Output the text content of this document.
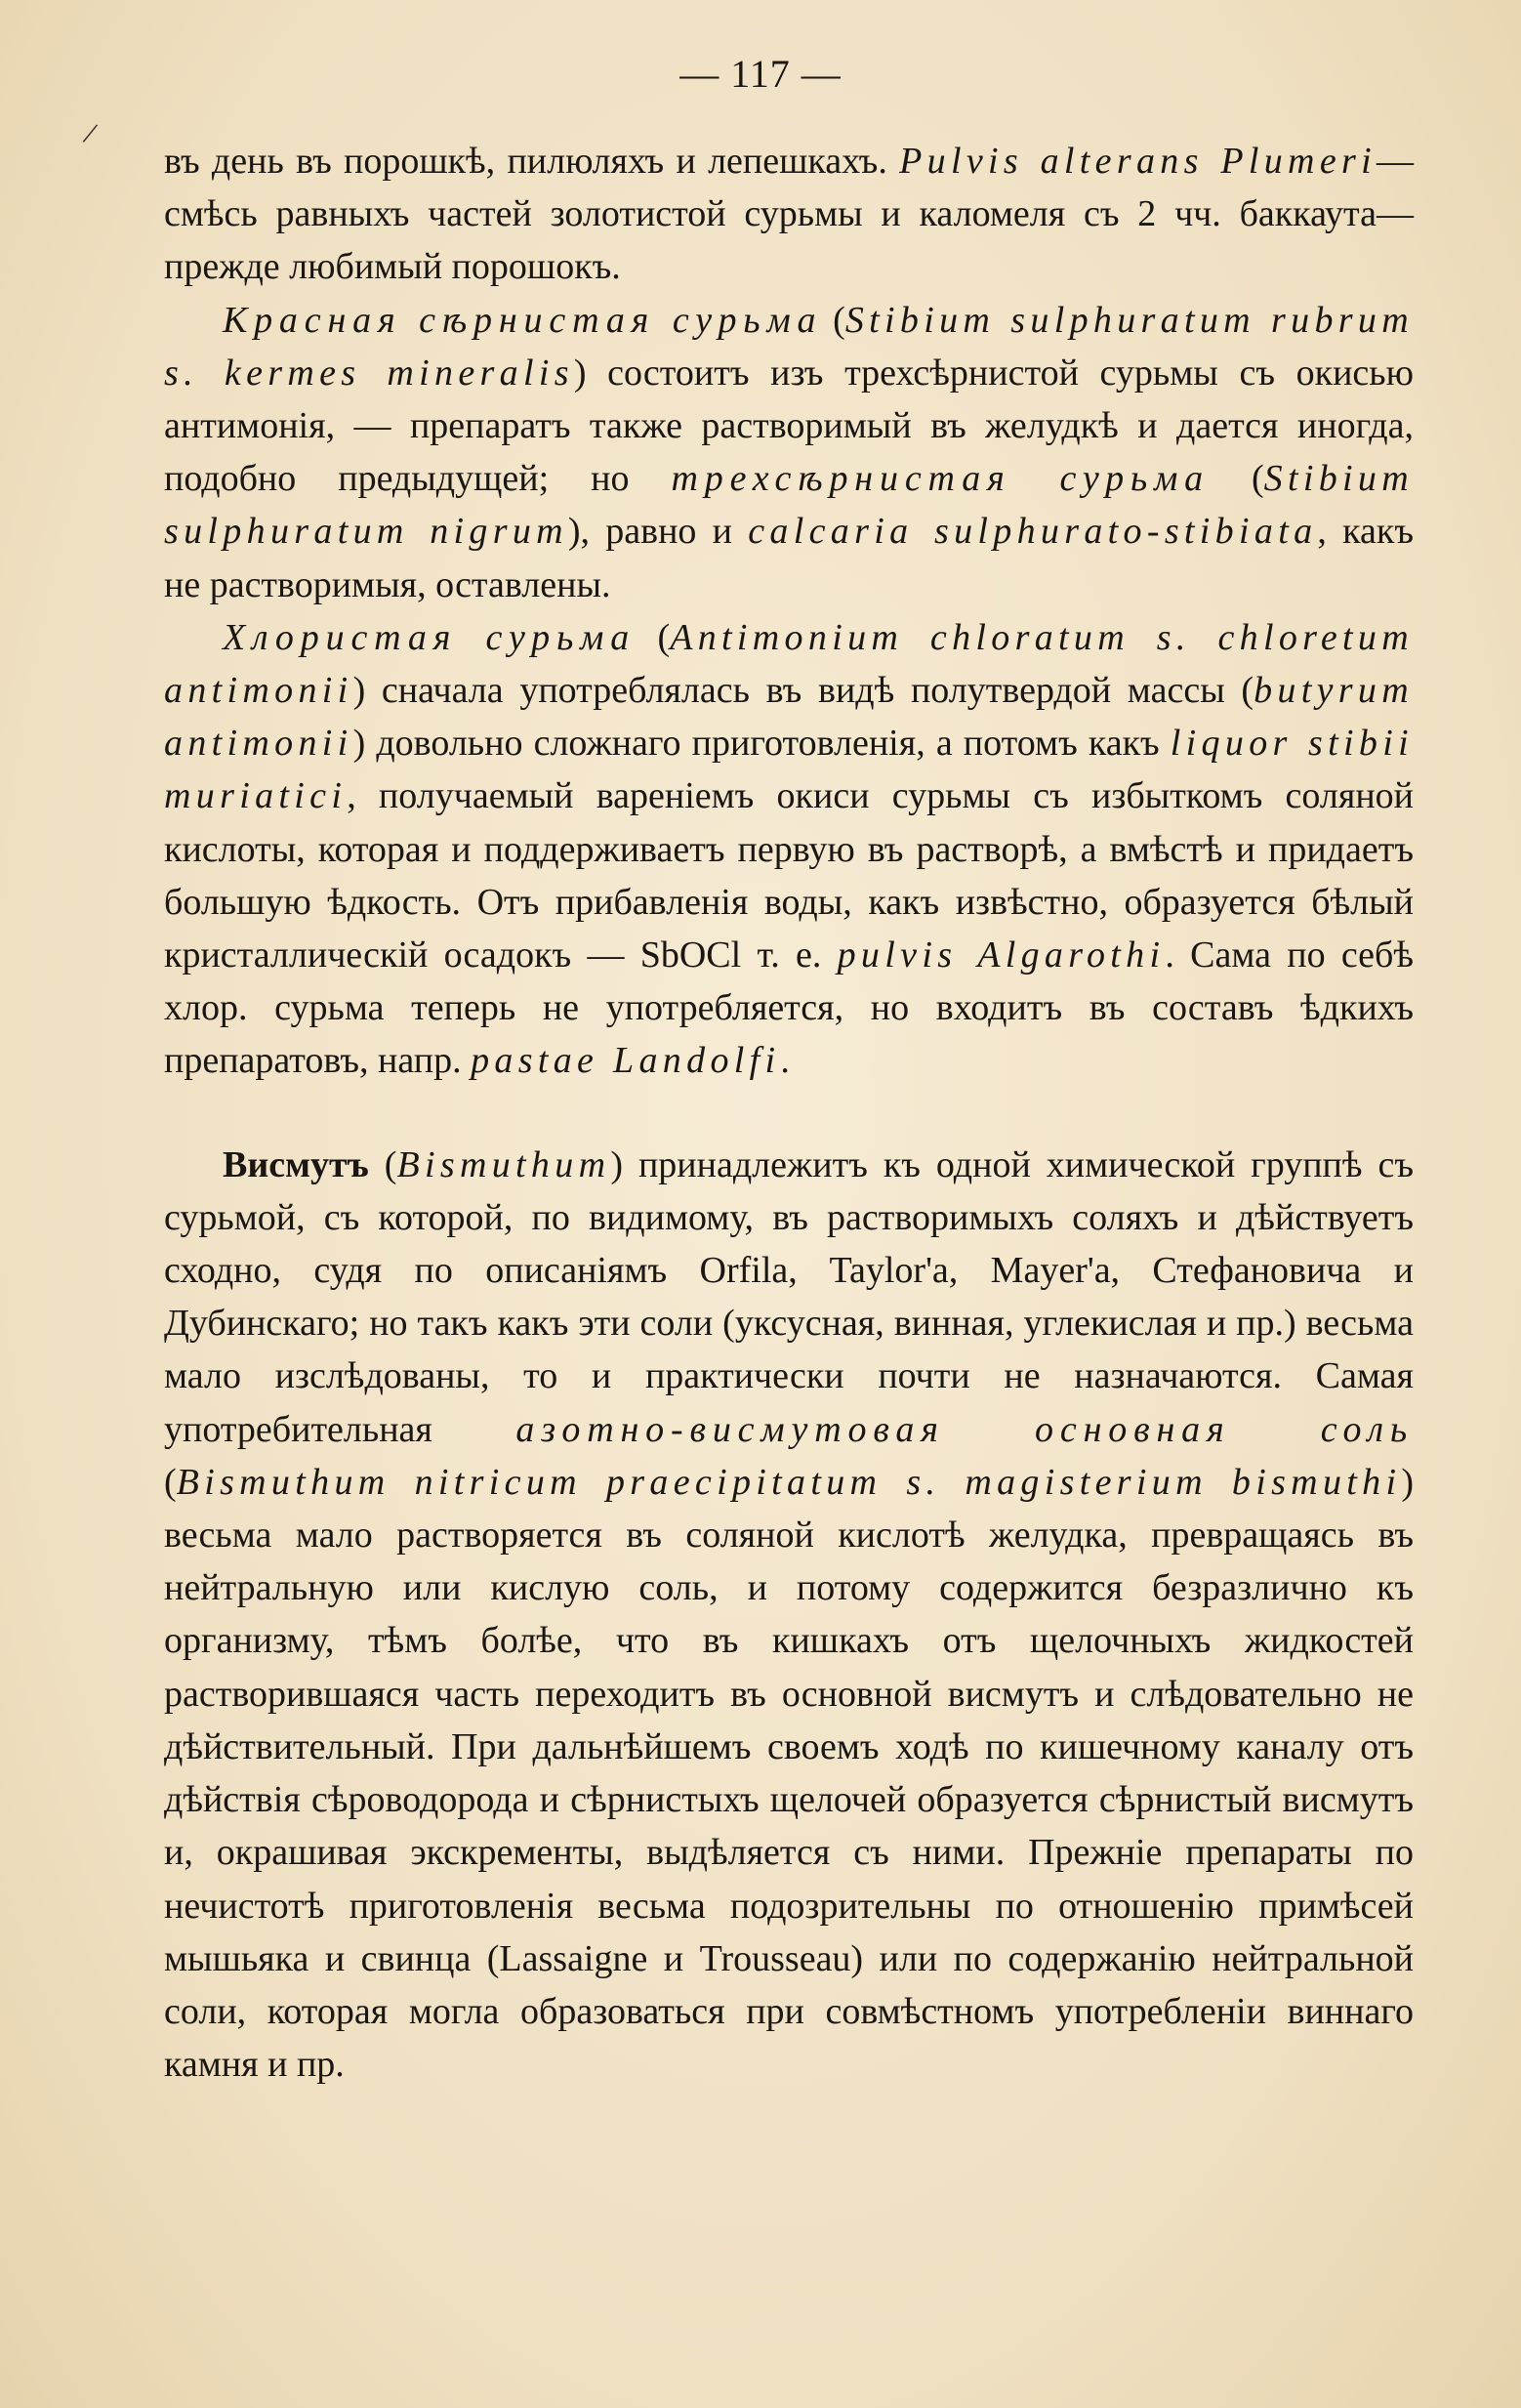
— 117 —
/

въ день въ порошкѣ, пилюляхъ и лепешкахъ. Pulvis alterans Plumeri—смѣсь равныхъ частей золотистой сурьмы и каломеля съ 2 чч. баккаута—прежде любимый порошокъ.

Красная сѣрнистая сурьма (Stibium sulphuratum rubrum s. kermes mineralis) состоитъ изъ трехсѣрнистой сурьмы съ окисью антимонія, — препаратъ также растворимый въ желудкѣ и дается иногда, подобно предыдущей; но трехсѣрнистая сурьма (Stibium sulphuratum nigrum), равно и calcaria sulphurato-stibiata, какъ не растворимыя, оставлены.

Хлористая сурьма (Antimonium chloratum s. chloretum antimonii) сначала употреблялась въ видѣ полутвердой массы (butyrum antimonii) довольно сложнаго приготовленія, а потомъ какъ liquor stibii muriatici, получаемый вареніемъ окиси сурьмы съ избыткомъ соляной кислоты, которая и поддерживаетъ первую въ растворѣ, а вмѣстѣ и придаетъ большую ѣдкость. Отъ прибавленія воды, какъ извѣстно, образуется бѣлый кристаллическій осадокъ — SbOCl т. е. pulvis Algarothi. Сама по себѣ хлор. сурьма теперь не употребляется, но входитъ въ составъ ѣдкихъ препаратовъ, напр. pastae Landolfi.

Висмутъ (Bismuthum) принадлежитъ къ одной химической группѣ съ сурьмой, съ которой, по видимому, въ растворимыхъ соляхъ и дѣйствуетъ сходно, судя по описаніямъ Orfila, Taylor'a, Mayer'a, Стефановича и Дубинскаго; но такъ какъ эти соли (уксусная, винная, углекислая и пр.) весьма мало изслѣдованы, то и практически почти не назначаются. Самая употребительная азотно-висмутовая основная соль (Bismuthum nitricum praecipitatum s. magisterium bismuthi) весьма мало растворяется въ соляной кислотѣ желудка, превращаясь въ нейтральную или кислую соль, и потому содержится безразлично къ организму, тѣмъ болѣе, что въ кишкахъ отъ щелочныхъ жидкостей растворившаяся часть переходитъ въ основной висмутъ и слѣдовательно не дѣйствительный. При дальнѣйшемъ своемъ ходѣ по кишечному каналу отъ дѣйствія сѣроводорода и сѣрнистыхъ щелочей образуется сѣрнистый висмутъ и, окрашивая экскременты, выдѣляется съ ними. Прежніе препараты по нечистотѣ приготовленія весьма подозрительны по отношенію примѣсей мышьяка и свинца (Lassaigne и Trousseau) или по содержанію нейтральной соли, которая могла образоваться при совмѣстномъ употребленіи виннаго камня и пр.
